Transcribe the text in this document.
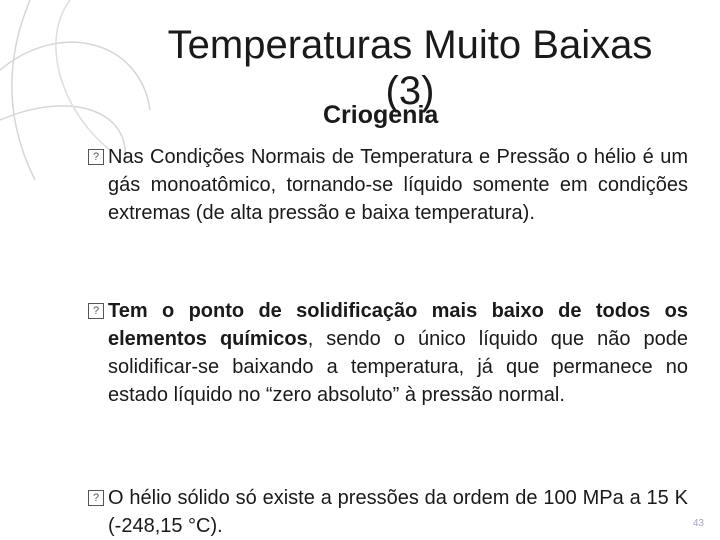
Temperaturas Muito Baixas
(3)
Criogenia
? Nas Condições Normais de Temperatura e Pressão o hélio é um gás monoatômico, tornando-se líquido somente em condições extremas (de alta pressão e baixa temperatura).
? Tem o ponto de solidificação mais baixo de todos os elementos químicos, sendo o único líquido que não pode solidificar-se baixando a temperatura, já que permanece no estado líquido no “zero absoluto” à pressão normal.
? O hélio sólido só existe a pressões da ordem de 100 MPa a 15 K (-248,15 °C).	43
